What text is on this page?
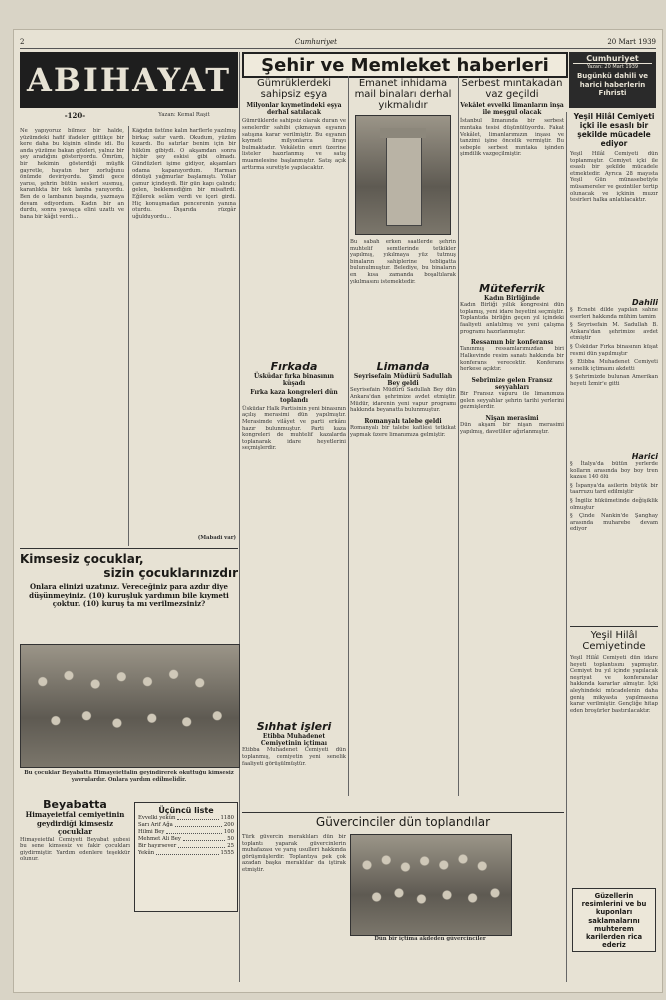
2	Cumhuriyet	20 Mart 1939
ABIHAYAT
-120-	Yazan: Kemal Raşit
Ne yapıyoruz bilmez bir halde, yüzümdeki hafif ifadeler gittikçe bir kere daha bu kişinin elinde idi. Bu anda yüzüme bakan gözleri, yalnız bir şey aradığını gösteriyordu. Ömrüm, bir hekimin gösterdiği müşfik gayretle, hayatın her zorluğunu önümde deviriyordu. Şimdi gece yarısı, şehrin bütün sesleri susmuş, karanlıkta bir tek lamba yanıyordu. Ben de o lambanın başında, yazmaya devam ediyordum. Kadın bir an durdu, sonra yavaşça elini uzattı ve bana bir kâğıt verdi...
Kâğıdın üstüne kalın harflerle yazılmış birkaç satır vardı. Okudum, yüzüm kızardı. Bu satırlar benim için bir hüküm gibiydi. O akşamdan sonra hiçbir şey eskisi gibi olmadı. Gündüzleri işime gidiyor, akşamları odama kapanıyordum. Harman dönüşü yağmurlar başlamıştı. Yollar çamur içindeydi. Bir gün kapı çalındı; gelen, beklemediğim bir misafirdi. Eğilerek selâm verdi ve içeri girdi. Hiç konuşmadan pencerenin yanına oturdu. Dışarıda rüzgâr uğulduyordu...
(Mabadi var)
Şehir ve Memleket haberleri	Cumhuriyet
Yazan: 20 Mart 1939
Bugünkü dahili ve harici haberlerin Fıhristi
Gümrüklerdeki sahipsiz eşya
Milyonlar kıymetindeki eşya derhal satılacak
Gümrüklerde sahipsiz olarak duran ve senelerdir sahibi çıkmayan eşyanın satışına karar verilmiştir. Bu eşyanın kıymeti milyonlarca lirayı bulmaktadır. Vekâletin emri üzerine listeler hazırlanmış ve satış muamelesine başlanmıştır. Satış açık arttırma suretiyle yapılacaktır.
Emanet inhidama mail binaları derhal yıkmalıdır
Bu sabah erken saatlerde şehrin muhtelif semtlerinde tetkikler yapılmış, yıkılmaya yüz tutmuş binaların sahiplerine tebligatta bulunulmuştur. Belediye, bu binaların en kısa zamanda boşaltılarak yıkılmasını istemektedir.
Serbest mıntakadan vaz geçildi
Vekâlet evvelki limanların inşa ile meşgul olacak
İstanbul limanında bir serbest mıntaka tesisi düşünülüyordu. Fakat Vekâlet, limanlarımızın inşası ve tanzimi işine öncelik vermiştir. Bu sebeple serbest mıntaka işinden şimdilik vazgeçilmiştir.
Müteferrik
Kadın Birliğinde
Kadın Birliği yıllık kongresini dün toplamış, yeni idare heyetini seçmiştir. Toplantıda birliğin geçen yıl içindeki faaliyeti anlatılmış ve yeni çalışma programı hazırlanmıştır.
Ressamın bir konferansı
Tanınmış ressamlarımızdan biri Halkevinde resim sanatı hakkında bir konferans verecektir. Konferans herkese açıktır.
Sebrimize gelen Fransız seyyahları
Bir Fransız vapuru ile limanımıza gelen seyyahlar şehrin tarihi yerlerini gezmişlerdir.
Nişan merasimi
Dün akşam bir nişan merasimi yapılmış, davetliler ağırlanmıştır.
Fırkada
Üsküdar fırka binasının küşadı
Fırka kaza kongreleri dün toplandı
Üsküdar Halk Partisinin yeni binasının açılış merasimi dün yapılmıştır. Merasimde vilâyet ve parti erkânı hazır bulunmuştur. Parti kaza kongreleri de muhtelif kazalarda toplanarak idare heyetlerini seçmişlerdir.
Limanda
Seyrisefain Müdürü Sadullah Bey geldi
Seyrisefain Müdürü Sadullah Bey dün Ankara'dan şehrimize avdet etmiştir. Müdür, idarenin yeni vapur programı hakkında beyanatta bulunmuştur.
Romanyalı talebe geldi
Romanyalı bir talebe kafilesi tetkikat yapmak üzere limanımıza gelmiştir.
Sıhhat işleri
Etibba Muhadenet Cemiyetinin içtimaı
Etibba Muhadenet Cemiyeti dün toplanmış, cemiyetin yeni senelik faaliyeti görüşülmüştür.
Kimsesiz çocuklar,
sizin çocuklarınızdır
Onlara elinizi uzatınız. Vereceğiniz para azdır diye düşünmeyiniz. (10) kuruşluk yardımın bile kıymeti çoktur. (10) kuruş ta mı verilmezsiniz?
Bu çocuklar Beyabatta Himayeietfalin geyindirerek okuttuğu kimsesiz yavrulardır. Onlara yardım edilmelidir.
Beyabatta
Himayeietfal cemiyetinin geydirdiği kimsesiz çocuklar
Himayeietfal Cemiyeti Beyabat şubesi bu sene kimsesiz ve fakir çocukları giydirmiştir. Yardım edenlere teşekkür olunur.
Üçüncü liste
Evvelki yekûn	1180
Sarı Arif Ağa	200
Hilmi Bey	100
Mehmet Ali Bey	50
Bir hayırsever	25
Yekûn	1555
Güvercinciler dün toplandılar
Türk güvercin meraklıları dün bir toplantı yaparak güvercinlerin muhafazası ve yarış usulleri hakkında görüşmüşlerdir. Toplantıya pek çok azadan başka meraklılar da iştirak etmiştir.
Dün bir içtima akdeden güvercinciler
Yeşil Hilâl Cemiyeti içki ile esaslı bir şekilde mücadele ediyor
Yeşil Hilâl Cemiyeti dün toplanmıştır. Cemiyet içki ile esaslı bir şekilde mücadele etmektedir. Ayrıca 28 mayısta Yeşil Gün münasebetiyle müsamereler ve gezintiler tertip olunacak ve içkinin muzır tesirleri halka anlatılacaktır.
Dahili
§ Ecnebi dilde yapılan sahne eserleri hakkında mühim tamim
§ Seyrisefain M. Sadullah B. Ankara'dan şehrimize avdet etmiştir
§ Üsküdar Fırka binasının küşat resmi dün yapılmıştır
§ Etibba Muhadenet Cemiyeti senelik içtimaını akdetti
§ Şehrimizde bulunan Amerikan heyeti İzmir'e gitti
Harici
§ İtalya'da bütün yerlerde kolların arasında boy boy tren kazası 140 ölü
§ İspanya'da asilerin büyük bir taarruzu tard edilmiştir
§ İngiliz hükümetinde değişiklik olmuştur
§ Çinde Nankin'de Şanghay arasında muharebe devam ediyor
Yeşil Hilâl Cemiyetinde
Yeşil Hilâl Cemiyeti dün idare heyeti toplantısını yapmıştır. Cemiyet bu yıl içinde yapılacak neşriyat ve konferanslar hakkında kararlar almıştır. İçki aleyhindeki mücadelenin daha geniş mikyasta yapılmasına karar verilmiştir. Gençliğe hitap eden broşürler bastırılacaktır.
Güzellerin resimlerini ve bu kuponları saklamalarını muhterem karilerden rica ederiz
